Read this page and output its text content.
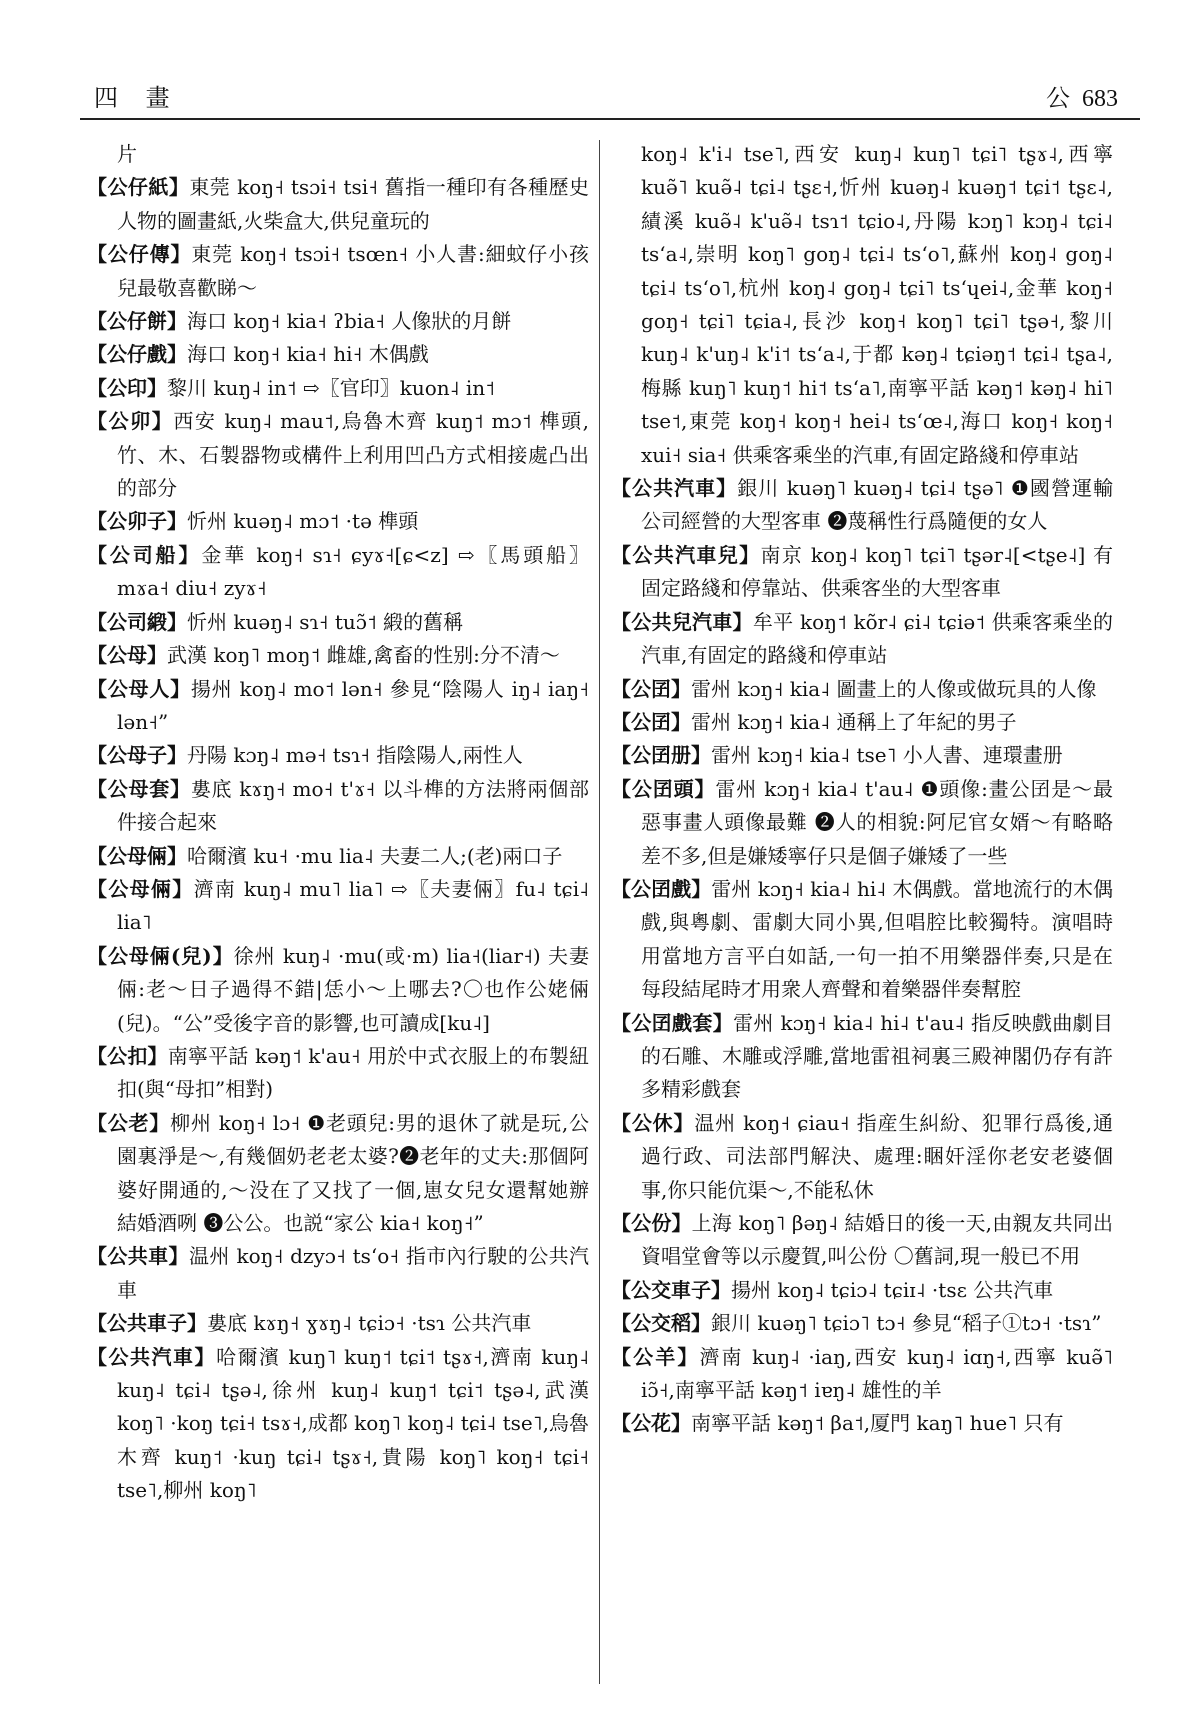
四 畫	公 683
片
【公仔紙】東莞 koŋ˧ tsɔi˧ tsi˧ 舊指一種印有各種歷史人物的圖畫紙,火柴盒大,供兒童玩的
【公仔傳】東莞 koŋ˧ tsɔi˧ tsœn˧ 小人書:細蚊仔小孩兒最敬喜歡睇～
【公仔餅】海口 koŋ˧ kia˧ ʔbia˧ 人像狀的月餅
【公仔戲】海口 koŋ˧ kia˧ hi˧ 木偶戲
【公印】黎川 kuŋ˨ in˦ ⇨〖官印〗kuon˨ in˦
【公卯】西安 kuŋ˨ mau˦,烏魯木齊 kuŋ˦ mɔ˦ 榫頭,竹、木、石製器物或構件上利用凹凸方式相接處凸出的部分
【公卯子】忻州 kuəŋ˨ mɔ˦ ·tə 榫頭
【公司船】金華 koŋ˧ sɿ˧ ɕyɤ˧[ɕ<z] ⇨〖馬頭船〗mɤa˧ diu˧ zyɤ˧
【公司緞】忻州 kuəŋ˨ sɿ˧ tuɔ̃˦ 緞的舊稱
【公母】武漢 koŋ˥ moŋ˦ 雌雄,禽畜的性别:分不清～
【公母人】揚州 koŋ˨ mo˦ lən˧ 參見“陰陽人 iŋ˨ iaŋ˧ lən˧”
【公母子】丹陽 kɔŋ˨ mə˧ tsɿ˧ 指陰陽人,兩性人
【公母套】婁底 kɤŋ˧ mo˧ t'ɤ˧ 以斗榫的方法將兩個部件接合起來
【公母倆】哈爾濱 ku˧ ·mu lia˨ 夫妻二人;(老)兩口子
【公母倆】濟南 kuŋ˨ mu˥ lia˥ ⇨〖夫妻倆〗fu˨ tɕi˨ lia˥
【公母倆(兒)】徐州 kuŋ˨ ·mu(或·m) lia˧(liar˧) 夫妻倆:老～日子過得不錯|恁小～上哪去?〇也作公姥倆(兒)。“公”受後字音的影響,也可讀成[ku˨]
【公扣】南寧平話 kəŋ˦ k'au˧ 用於中式衣服上的布製紐扣(與“母扣”相對)
【公老】柳州 koŋ˧ lɔ˧ ❶老頭兒:男的退休了就是玩,公園裏淨是～,有幾個奶老老太婆?❷老年的丈夫:那個阿婆好開通的,～没在了又找了一個,崽女兒女還幫她辦結婚酒咧 ❸公公。也説“家公 kia˧ koŋ˧”
【公共車】温州 koŋ˧ dzyɔ˧ tsʻo˧ 指市內行駛的公共汽車
【公共車子】婁底 kɤŋ˧ ɣɤŋ˨ tɕiɔ˧ ·tsɿ 公共汽車
【公共汽車】哈爾濱 kuŋ˥ kuŋ˦ tɕi˦ tʂɤ˧,濟南 kuŋ˨ kuŋ˨ tɕi˨ tʂə˨,徐州 kuŋ˨ kuŋ˦ tɕi˦ tʂə˨,武漢 koŋ˥ ·koŋ tɕi˧ tsɤ˧,成都 koŋ˥ koŋ˨ tɕi˨ tse˥,烏魯木齊 kuŋ˦ ·kuŋ tɕi˨ tʂɤ˧,貴陽 koŋ˥ koŋ˧ tɕi˧ tse˥,柳州 koŋ˥
koŋ˨ k'i˨ tse˥,西安 kuŋ˨ kuŋ˥ tɕi˥ tʂɤ˨,西寧 kuə̃˥ kuə̃˨ tɕi˨ tʂɛ˧,忻州 kuəŋ˨ kuəŋ˦ tɕi˦ tʂɛ˨,績溪 kuə̃˨ k'uə̃˨ tsɿ˦ tɕio˨,丹陽 kɔŋ˥ kɔŋ˨ tɕi˨ tsʻa˨,崇明 koŋ˥ goŋ˨ tɕi˨ tsʻo˥,蘇州 koŋ˨ goŋ˨ tɕi˨ tsʻo˥,杭州 koŋ˨ goŋ˨ tɕi˥ tsʻɥei˨,金華 koŋ˧ goŋ˧ tɕi˥ tɕia˨,長沙 koŋ˧ koŋ˥ tɕi˥ tʂə˧,黎川 kuŋ˨ k'uŋ˨ k'i˦ tsʻa˨,于都 kəŋ˨ tɕiəŋ˦ tɕi˨ tʂa˨,梅縣 kuŋ˥ kuŋ˦ hi˦ tsʻa˥,南寧平話 kəŋ˦ kəŋ˨ hi˥ tse˦,東莞 koŋ˧ koŋ˧ hei˨ tsʻœ˨,海口 koŋ˧ koŋ˧ xui˧ sia˧ 供乘客乘坐的汽車,有固定路綫和停車站
【公共汽車】銀川 kuəŋ˥ kuəŋ˨ tɕi˨ tʂə˥ ❶國營運輸公司經營的大型客車 ❷蔑稱性行爲隨便的女人
【公共汽車兒】南京 koŋ˨ koŋ˥ tɕi˥ tʂər˨[<tʂe˨] 有固定路綫和停靠站、供乘客坐的大型客車
【公共兒汽車】牟平 koŋ˦ kõr˨ ɕi˨ tɕiə˦ 供乘客乘坐的汽車,有固定的路綫和停車站
【公囝】雷州 kɔŋ˧ kia˨ 圖畫上的人像或做玩具的人像
【公囝】雷州 kɔŋ˧ kia˨ 通稱上了年紀的男子
【公囝册】雷州 kɔŋ˧ kia˨ tse˥ 小人書、連環畫册
【公囝頭】雷州 kɔŋ˧ kia˨ t'au˨ ❶頭像:畫公囝是～最惡事畫人頭像最難 ❷人的相貌:阿尼官女婿～有略略差不多,但是嫌矮寧仔只是個子嫌矮了一些
【公囝戲】雷州 kɔŋ˧ kia˨ hi˨ 木偶戲。當地流行的木偶戲,與粵劇、雷劇大同小異,但唱腔比較獨特。演唱時用當地方言平白如話,一句一拍不用樂器伴奏,只是在每段結尾時才用衆人齊聲和着樂器伴奏幫腔
【公囝戲套】雷州 kɔŋ˧ kia˨ hi˨ t'au˨ 指反映戲曲劇目的石雕、木雕或浮雕,當地雷祖祠裏三殿神閣仍存有許多精彩戲套
【公休】温州 koŋ˧ ɕiau˧ 指産生糾紛、犯罪行爲後,通過行政、司法部門解決、處理:睏奸淫你老安老婆個事,你只能伉渠～,不能私休
【公份】上海 koŋ˥ βəŋ˨ 結婚日的後一天,由親友共同出資唱堂會等以示慶賀,叫公份 〇舊詞,現一般已不用
【公交車子】揚州 koŋ˨ tɕiɔ˨ tɕiɪ˨ ·tsɛ 公共汽車
【公交稻】銀川 kuəŋ˥ tɕiɔ˥ tɔ˧ 參見“稻子①tɔ˧ ·tsɿ”
【公羊】濟南 kuŋ˨ ·iaŋ,西安 kuŋ˨ iɑŋ˧,西寧 kuə̃˥ iɔ̃˧,南寧平話 kəŋ˦ iɐŋ˨ 雄性的羊
【公花】南寧平話 kəŋ˦ βa˦,厦門 kaŋ˥ hue˥ 只有
